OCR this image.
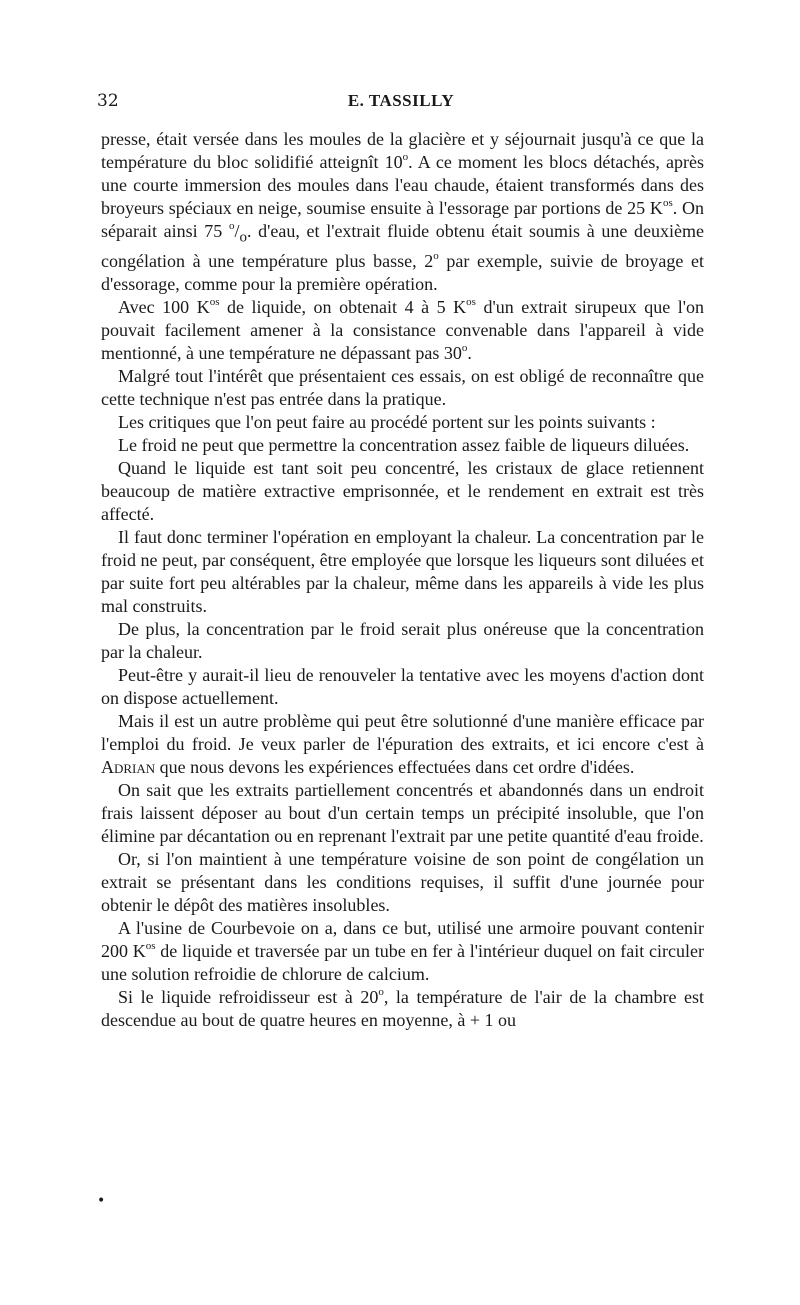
32	E. TASSILLY

presse, était versée dans les moules de la glacière et y séjournait jusqu'à ce que la température du bloc solidifié atteignît 10$^o$. A ce moment les blocs détachés, après une courte immersion des moules dans l'eau chaude, étaient transformés dans des broyeurs spéciaux en neige, soumise ensuite à l'essorage par portions de 25 $K^{os}$. On séparait ainsi 75 $^o/_o$. d'eau, et l'extrait fluide obtenu était soumis à une deuxième congélation à une température plus basse, 2$^o$ par exemple, suivie de broyage et d'essorage, comme pour la première opération.

Avec 100 $K^{os}$ de liquide, on obtenait 4 à 5 $K^{os}$ d'un extrait sirupeux que l'on pouvait facilement amener à la consistance convenable dans l'appareil à vide mentionné, à une température ne dépassant pas 30$^o$.

Malgré tout l'intérêt que présentaient ces essais, on est obligé de reconnaître que cette technique n'est pas entrée dans la pratique.

Les critiques que l'on peut faire au procédé portent sur les points suivants :

Le froid ne peut que permettre la concentration assez faible de liqueurs diluées.

Quand le liquide est tant soit peu concentré, les cristaux de glace retiennent beaucoup de matière extractive emprisonnée, et le rendement en extrait est très affecté.

Il faut donc terminer l'opération en employant la chaleur. La concentration par le froid ne peut, par conséquent, être employée que lorsque les liqueurs sont diluées et par suite fort peu altérables par la chaleur, même dans les appareils à vide les plus mal construits.

De plus, la concentration par le froid serait plus onéreuse que la concentration par la chaleur.

Peut-être y aurait-il lieu de renouveler la tentative avec les moyens d'action dont on dispose actuellement.

Mais il est un autre problème qui peut être solutionné d'une manière efficace par l'emploi du froid. Je veux parler de l'épuration des extraits, et ici encore c'est à Adrian que nous devons les expériences effectuées dans cet ordre d'idées.

On sait que les extraits partiellement concentrés et abandonnés dans un endroit frais laissent déposer au bout d'un certain temps un précipité insoluble, que l'on élimine par décantation ou en reprenant l'extrait par une petite quantité d'eau froide.

Or, si l'on maintient à une température voisine de son point de congélation un extrait se présentant dans les conditions requises, il suffit d'une journée pour obtenir le dépôt des matières insolubles.

A l'usine de Courbevoie on a, dans ce but, utilisé une armoire pouvant contenir 200 $K^{os}$ de liquide et traversée par un tube en fer à l'intérieur duquel on fait circuler une solution refroidie de chlorure de calcium.

Si le liquide refroidisseur est à 20$^o$, la température de l'air de la chambre est descendue au bout de quatre heures en moyenne, à + 1 ou

•
